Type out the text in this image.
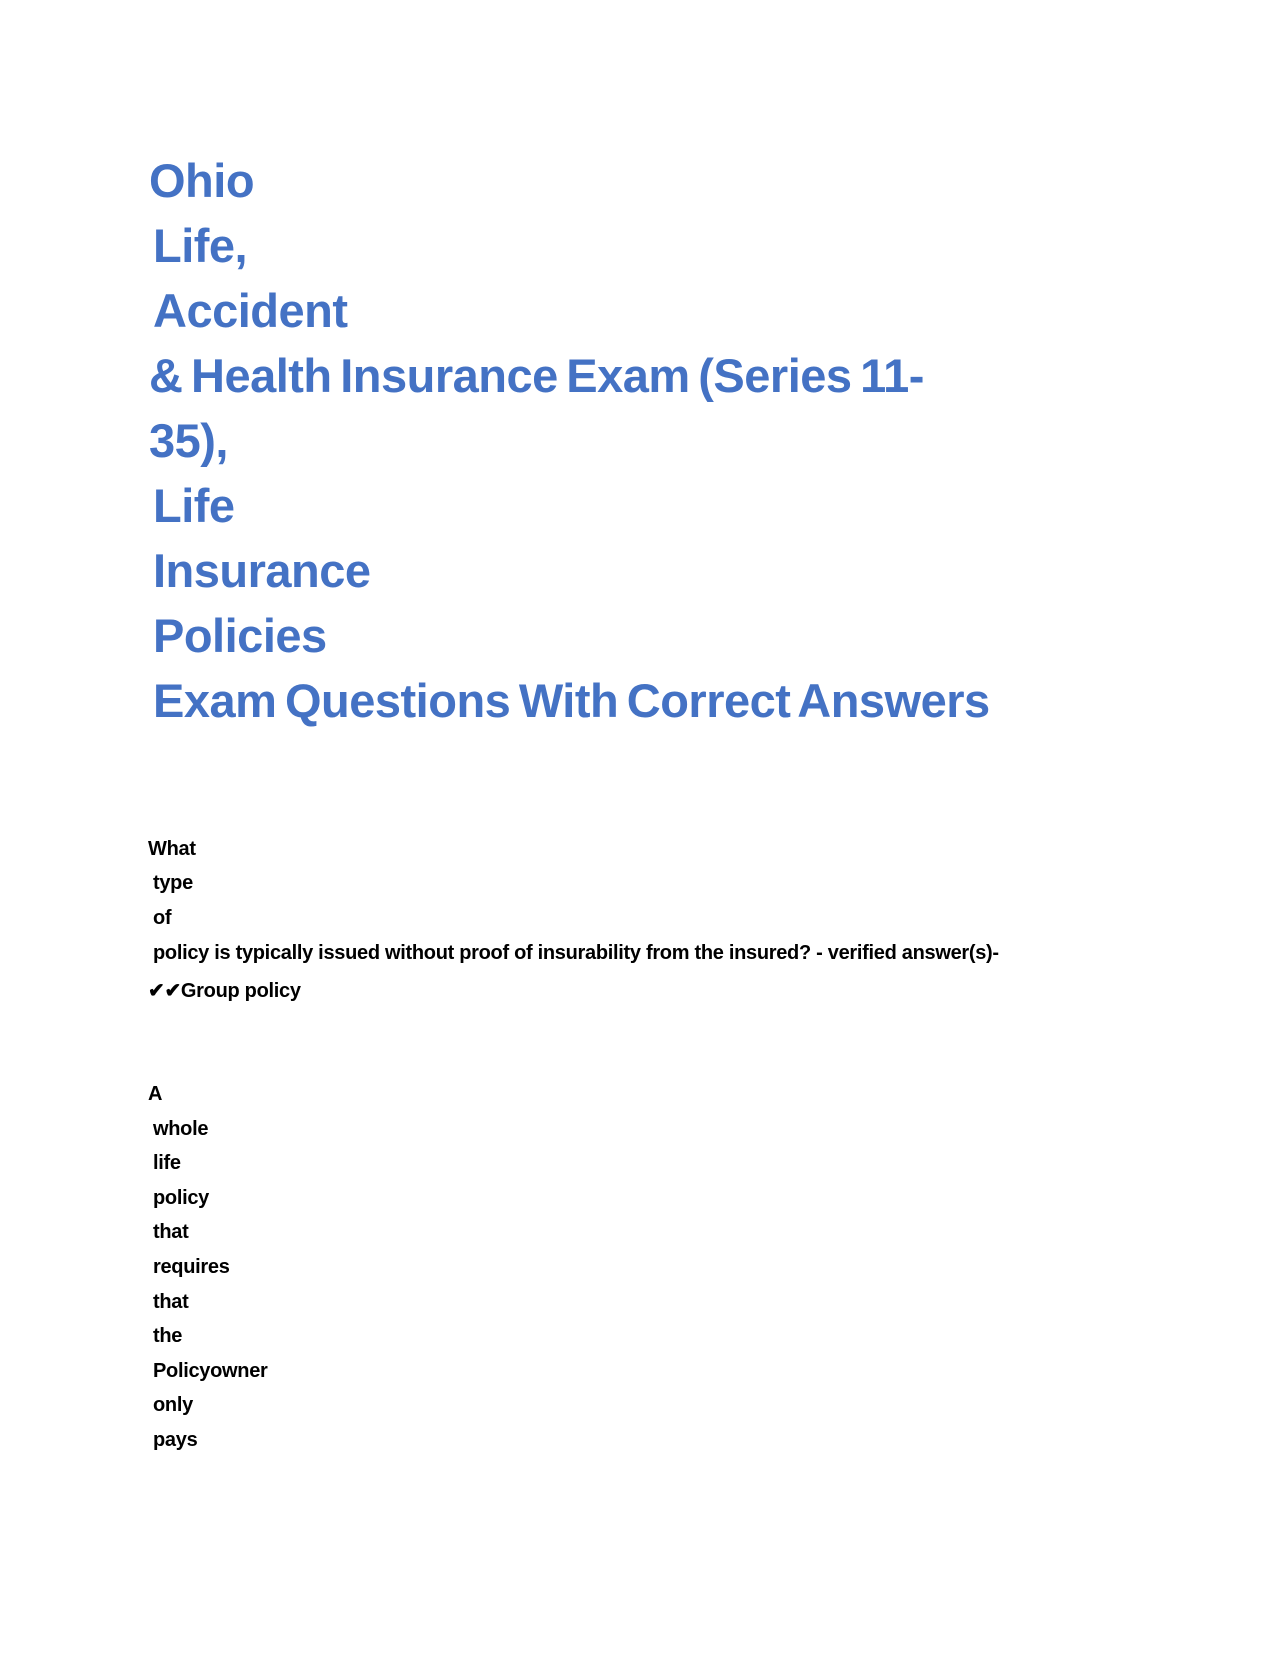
Ohio
Life,
Accident
& Health Insurance Exam (Series 11-
35),
Life
Insurance
Policies
Exam Questions With Correct Answers
What
type
of
policy is typically issued without proof of insurability from the insured? - verified answer(s)-
✔✔Group policy
A
whole
life
policy
that
requires
that
the
Policyowner
only
pays
